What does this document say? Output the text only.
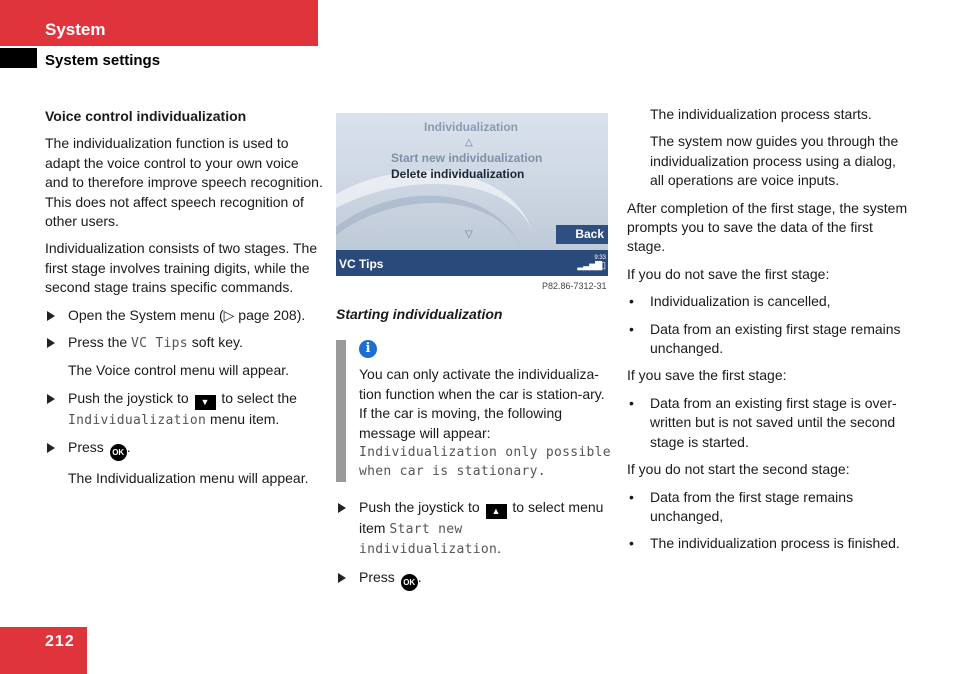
System
System settings
Voice control individualization
The individualization function is used to adapt the voice control to your own voice and to therefore improve speech recognition. This does not affect speech recognition of other users.
Individualization consists of two stages. The first stage involves training digits, while the second stage trains specific commands.
Open the System menu (▷ page 208).
Press the VC Tips soft key.
The Voice control menu will appear.
Push the joystick to ▼ to select the Individualization menu item.
Press OK .
The Individualization menu will appear.
Individualization
△
Start new individualization
Delete individualization
▽	Back
VC Tips	9:33
▂▃▅▇▯
P82.86-7312-31
Starting individualization
i
You can only activate the individualiza-tion function when the car is station-ary. If the car is moving, the following message will appear:
Individualization only possible when car is stationary.
Push the joystick to ▲ to select menu item Start new individualization.
Press OK .
The individualization process starts.
The system now guides you through the individualization process using a dialog, all operations are voice inputs.
After completion of the first stage, the system prompts you to save the data of the first stage.
If you do not save the first stage:
• Individualization is cancelled,
• Data from an existing first stage remains unchanged.
If you save the first stage:
• Data from an existing first stage is over-written but is not saved until the second stage is started.
If you do not start the second stage:
• Data from the first stage remains unchanged,
• The individualization process is finished.
212
